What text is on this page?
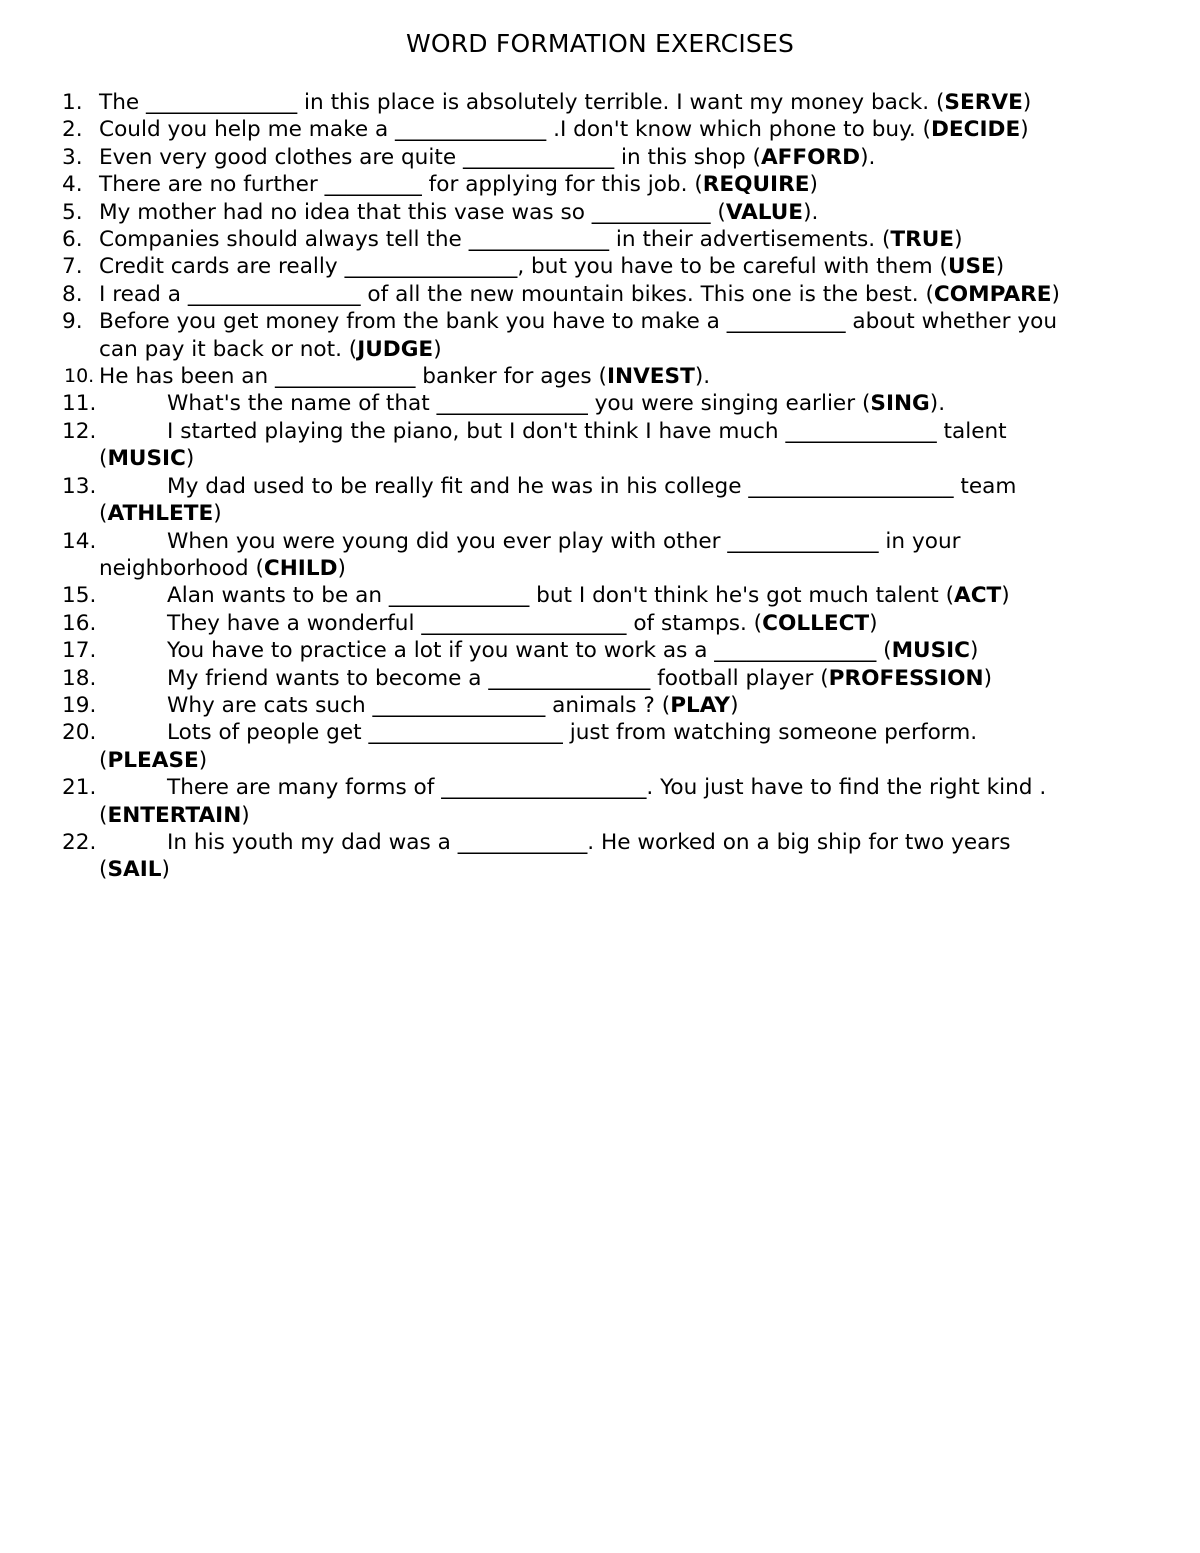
WORD FORMATION EXERCISES
1. The ______________ in this place is absolutely terrible. I want my money back. (SERVE)
2. Could you help me make a ______________ .I don't know which phone to buy. (DECIDE)
3. Even very good clothes are quite ______________ in this shop (AFFORD).
4. There are no further _________ for applying for this job. (REQUIRE)
5. My mother had no idea that this vase was so ___________ (VALUE).
6. Companies should always tell the _____________ in their advertisements. (TRUE)
7. Credit cards are really ________________, but you have to be careful with them (USE)
8. I read a ________________ of all the new mountain bikes. This one is the best. (COMPARE)
9. Before you get money from the bank you have to make a ___________ about whether you
can pay it back or not. (JUDGE)
10. He has been an _____________ banker for ages (INVEST).
11.	What's the name of that ______________ you were singing earlier (SING).
12.	I started playing the piano, but I don't think I have much ______________ talent
(MUSIC)
13.	My dad used to be really fit and he was in his college ___________________ team
(ATHLETE)
14.	When you were young did you ever play with other ______________ in your
neighborhood (CHILD)
15.	Alan wants to be an _____________ but I don't think he's got much talent (ACT)
16.	They have a wonderful ___________________ of stamps. (COLLECT)
17.	You have to practice a lot if you want to work as a _______________ (MUSIC)
18.	My friend wants to become a _______________ football player (PROFESSION)
19.	Why are cats such ________________ animals ? (PLAY)
20.	Lots of people get __________________ just from watching someone perform.
(PLEASE)
21.	There are many forms of ___________________. You just have to find the right kind .
(ENTERTAIN)
22.	In his youth my dad was a ____________. He worked on a big ship for two years
(SAIL)
